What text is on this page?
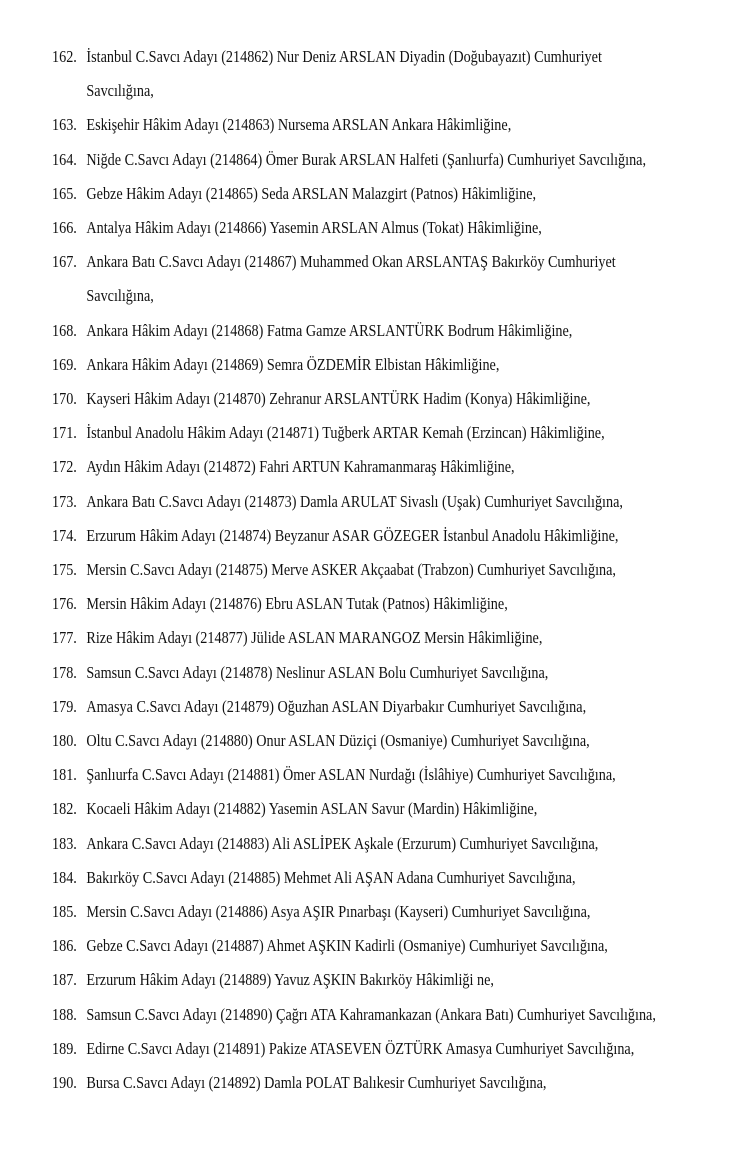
162. İstanbul C.Savcı Adayı (214862) Nur Deniz ARSLAN Diyadin (Doğubayazıt) Cumhuriyet
Savcılığına,
163. Eskişehir Hâkim Adayı (214863) Nursema ARSLAN Ankara Hâkimliğine,
164. Niğde C.Savcı Adayı (214864) Ömer Burak ARSLAN Halfeti (Şanlıurfa) Cumhuriyet Savcılığına,
165. Gebze Hâkim Adayı (214865) Seda ARSLAN Malazgirt (Patnos) Hâkimliğine,
166. Antalya Hâkim Adayı (214866) Yasemin ARSLAN Almus (Tokat) Hâkimliğine,
167. Ankara Batı C.Savcı Adayı (214867) Muhammed Okan ARSLANTAŞ Bakırköy Cumhuriyet
Savcılığına,
168. Ankara Hâkim Adayı (214868) Fatma Gamze ARSLANTÜRK Bodrum Hâkimliğine,
169. Ankara Hâkim Adayı (214869) Semra ÖZDEMİR Elbistan Hâkimliğine,
170. Kayseri Hâkim Adayı (214870) Zehranur ARSLANTÜRK Hadim (Konya) Hâkimliğine,
171. İstanbul Anadolu Hâkim Adayı (214871) Tuğberk ARTAR Kemah (Erzincan) Hâkimliğine,
172. Aydın Hâkim Adayı (214872) Fahri ARTUN Kahramanmaraş Hâkimliğine,
173. Ankara Batı C.Savcı Adayı (214873) Damla ARULAT Sivaslı (Uşak) Cumhuriyet Savcılığına,
174. Erzurum Hâkim Adayı (214874) Beyzanur ASAR GÖZEGER İstanbul Anadolu Hâkimliğine,
175. Mersin C.Savcı Adayı (214875) Merve ASKER Akçaabat (Trabzon) Cumhuriyet Savcılığına,
176. Mersin Hâkim Adayı (214876) Ebru ASLAN Tutak (Patnos) Hâkimliğine,
177. Rize Hâkim Adayı (214877) Jülide ASLAN MARANGOZ Mersin Hâkimliğine,
178. Samsun C.Savcı Adayı (214878) Neslinur ASLAN Bolu Cumhuriyet Savcılığına,
179. Amasya C.Savcı Adayı (214879) Oğuzhan ASLAN Diyarbakır Cumhuriyet Savcılığına,
180. Oltu C.Savcı Adayı (214880) Onur ASLAN Düziçi (Osmaniye) Cumhuriyet Savcılığına,
181. Şanlıurfa C.Savcı Adayı (214881) Ömer ASLAN Nurdağı (İslâhiye) Cumhuriyet Savcılığına,
182. Kocaeli Hâkim Adayı (214882) Yasemin ASLAN Savur (Mardin) Hâkimliğine,
183. Ankara C.Savcı Adayı (214883) Ali ASLİPEK Aşkale (Erzurum) Cumhuriyet Savcılığına,
184. Bakırköy C.Savcı Adayı (214885) Mehmet Ali AŞAN Adana Cumhuriyet Savcılığına,
185. Mersin C.Savcı Adayı (214886) Asya AŞIR Pınarbaşı (Kayseri) Cumhuriyet Savcılığına,
186. Gebze C.Savcı Adayı (214887) Ahmet AŞKIN Kadirli (Osmaniye) Cumhuriyet Savcılığına,
187. Erzurum Hâkim Adayı (214889) Yavuz AŞKIN Bakırköy Hâkimliği ne,
188. Samsun C.Savcı Adayı (214890) Çağrı ATA Kahramankazan (Ankara Batı) Cumhuriyet Savcılığına,
189. Edirne C.Savcı Adayı (214891) Pakize ATASEVEN ÖZTÜRK Amasya Cumhuriyet Savcılığına,
190. Bursa C.Savcı Adayı (214892) Damla POLAT Balıkesir Cumhuriyet Savcılığına,
